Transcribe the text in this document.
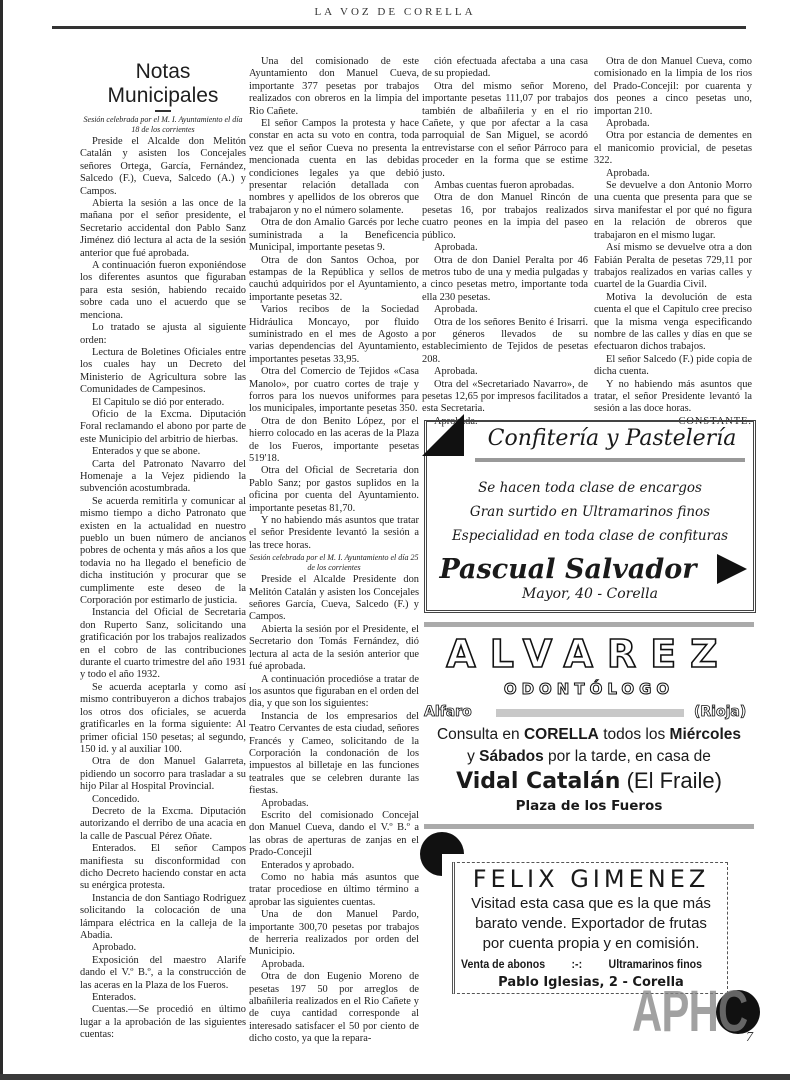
LA VOZ DE CORELLA
Notas Municipales

Sesión celebrada por el M. I. Ayuntamiento el día 18 de los corrientes

Preside el Alcalde don Melitón Catalán y asisten los Concejales señores Ortega, García, Fernández, Salcedo (F.), Cueva, Salcedo (A.) y Campos.

Abierta la sesión a las once de la mañana por el señor presidente, el Secretario accidental don Pablo Sanz Jiménez dió lectura al acta de la sesión anterior que fué aprobada.

A continuación fueron exponiéndose los diferentes asuntos que figuraban para esta sesión, habiendo recaido sobre cada uno el acuerdo que se menciona.

Lo tratado se ajusta al siguiente orden:

Lectura de Boletines Oficiales entre los cuales hay un Decreto del Ministerio de Agricultura sobre las Comunidades de Campesinos.

El Capitulo se dió por enterado.

Oficio de la Excma. Diputación Foral reclamando el abono por parte de este Municipio del arbitrio de hierbas.

Enterados y que se abone.

Carta del Patronato Navarro del Homenaje a la Vejez pidiendo la subvención acostumbrada.

Se acuerda remitirla y comunicar al mismo tiempo a dicho Patronato que existen en la actualidad en nuestro pueblo un buen número de ancianos pobres de ochenta y más años a los que todavia no ha llegado el beneficio de dicha institución y procurar que se cumplimente este deseo de la Corporación por estimarlo de justicia.

Instancia del Oficial de Secretaria don Ruperto Sanz, solicitando una gratificación por los trabajos realizados en el cobro de las contribuciones durante el cuarto trimestre del año 1931 y todo el año 1932.

Se acuerda aceptarla y como así mismo contribuyeron a dichos trabajos los otros dos oficiales, se acuerda gratificarles en la forma siguiente: Al primer oficial 150 pesetas; al segundo, 150 id. y al auxiliar 100.

Otra de don Manuel Galarreta, pidiendo un socorro para trasladar a su hijo Pilar al Hospital Provincial.

Concedido.

Decreto de la Excma. Diputación autorizando el derribo de una acacia en la calle de Pascual Pérez Oñate.

Enterados. El señor Campos manifiesta su disconformidad con dicho Decreto haciendo constar en acta su enérgica protesta.

Instancia de don Santiago Rodriguez solicitando la colocación de una lámpara eléctrica en la calleja de la Abadia.

Aprobado.

Exposición del maestro Alarife dando el V.º B.º, a la construcción de las aceras en la Plaza de los Fueros.

Enterados.

Cuentas.—Se procedió en último lugar a la aprobación de las siguientes cuentas:

Una del comisionado de este Ayuntamiento don Manuel Cueva, importante 377 pesetas por trabajos realizados con obreros en la limpia del Rio Cañete.

El señor Campos la protesta y hace constar en acta su voto en contra, toda vez que el señor Cueva no presenta la mencionada cuenta en las debidas condiciones legales ya que debió presentar relación detallada con nombres y apellidos de los obreros que trabajaron y no el número solamente.

Otra de don Amalio Garcés por leche suministrada a la Beneficencia Municipal, importante pesetas 9.

Otra de don Santos Ochoa, por estampas de la República y sellos de cauchú adquiridos por el Ayuntamiento, importante pesetas 32.

Varios recibos de la Sociedad Hidráulica Moncayo, por fluido suministrado en el mes de Agosto a varias dependencias del Ayuntamiento, importantes pesetas 33,95.

Otra del Comercio de Tejidos «Casa Manolo», por cuatro cortes de traje y forros para los nuevos uniformes para los municipales, importante pesetas 350.

Otra de don Benito López, por el hierro colocado en las aceras de la Plaza de los Fueros, importante pesetas 519'18.

Otra del Oficial de Secretaria don Pablo Sanz; por gastos suplidos en la oficina por cuenta del Ayuntamiento. importante pesetas 81,70.

Y no habiendo más asuntos que tratar el señor Presidente levantó la sesión a las trece horas.

Sesión celebrada por el M. I. Ayuntamiento el día 25 de los corrientes

Preside el Alcalde Presidente don Melitón Catalán y asisten los Concejales señores García, Cueva, Salcedo (F.) y Campos.

Abierta la sesión por el Presidente, el Secretario don Tomás Fernández, dió lectura al acta de la sesión anterior que fué aprobada.

A continuación procedióse a tratar de los asuntos que figuraban en el orden del dia, y que son los siguientes:

Instancia de los empresarios del Teatro Cervantes de esta ciudad, señores Francés y Cameo, solicitando de la Corporación la condonación de los impuestos al billetaje en las funciones teatrales que se celebren durante las fiestas.

Aprobadas.

Escrito del comisionado Concejal don Manuel Cueva, dando el V.º B.º a las obras de aperturas de zanjas en el Prado-Concejil

Enterados y aprobado.

Como no habia más asuntos que tratar procediose en último término a aprobar las siguientes cuentas.

Una de don Manuel Pardo, importante 300,70 pesetas por trabajos de herreria realizados por orden del Municipio.

Aprobada.

Otra de don Eugenio Moreno de pesetas 197 50 por arreglos de albañileria realizados en el Rio Cañete y de cuya cantidad corresponde al interesado satisfacer el 50 por ciento de dicho costo, ya que la repara-

ción efectuada afectaba a una casa de su propiedad.

Otra del mismo señor Moreno, importante pesetas 111,07 por trabajos también de albañileria y en el rio Cañete, y que por afectar a la casa parroquial de San Miguel, se acordó entrevistarse con el señor Párroco para proceder en la forma que se estime justo.

Ambas cuentas fueron aprobadas.

Otra de don Manuel Rincón de pesetas 16, por trabajos realizados cuatro peones en la impia del paseo público.

Aprobada.

Otra de don Daniel Peralta por 46 metros tubo de una y media pulgadas y a cinco pesetas metro, importante toda ella 230 pesetas.

Aprobada.

Otra de los señores Benito é Irisarri. por géneros llevados de su establecimiento de Tejidos de pesetas 208.

Aprobada.

Otra del «Secretariado Navarro», de pesetas 12,65 por impresos facilitados a esta Secretaria.

Aprobada.

Otra de don Manuel Cueva, como comisionado en la limpia de los rios del Prado-Concejil: por cuarenta y dos peones a cinco pesetas uno, importan 210.

Aprobada.

Otra por estancia de dementes en el manicomio provicial, de pesetas 322.

Aprobada.

Se devuelve a don Antonio Morro una cuenta que presenta para que se sirva manifestar el por qué no figura en la relación de obreros que trabajaron en el mismo lugar.

Así mismo se devuelve otra a don Fabián Peralta de pesetas 729,11 por trabajos realizados en varias calles y cuartel de la Guardia Civil.

Motiva la devolución de esta cuenta el que el Capitulo cree preciso que la misma venga especificando nombre de las calles y días en que se efectuaron dichos trabajos.

El señor Salcedo (F.) pide copia de dicha cuenta.

Y no habiendo más asuntos que tratar, el señor Presidente levantó la sesión a las doce horas.

CONSTANTE.

Confitería y Pastelería
Se hacen toda clase de encargos
Gran surtido en Ultramarinos finos
Especialidad en toda clase de confituras
Pascual Salvador
Mayor, 40 - Corella
ALVAREZ
ODONTÓLOGO
Alfaro	(Rioja)
Consulta en CORELLA todos los Miércoles
y Sábados por la tarde, en casa de
Vidal Catalán (El Fraile)
Plaza de los Fueros
FELIX GIMENEZ
Visitad esta casa que es la que más
barato vende. Exportador de frutas
por cuenta propia y en comisión.
Venta de abonos :-: Ultramarinos finos
Pablo Iglesias, 2 - Corella
APHC
7
